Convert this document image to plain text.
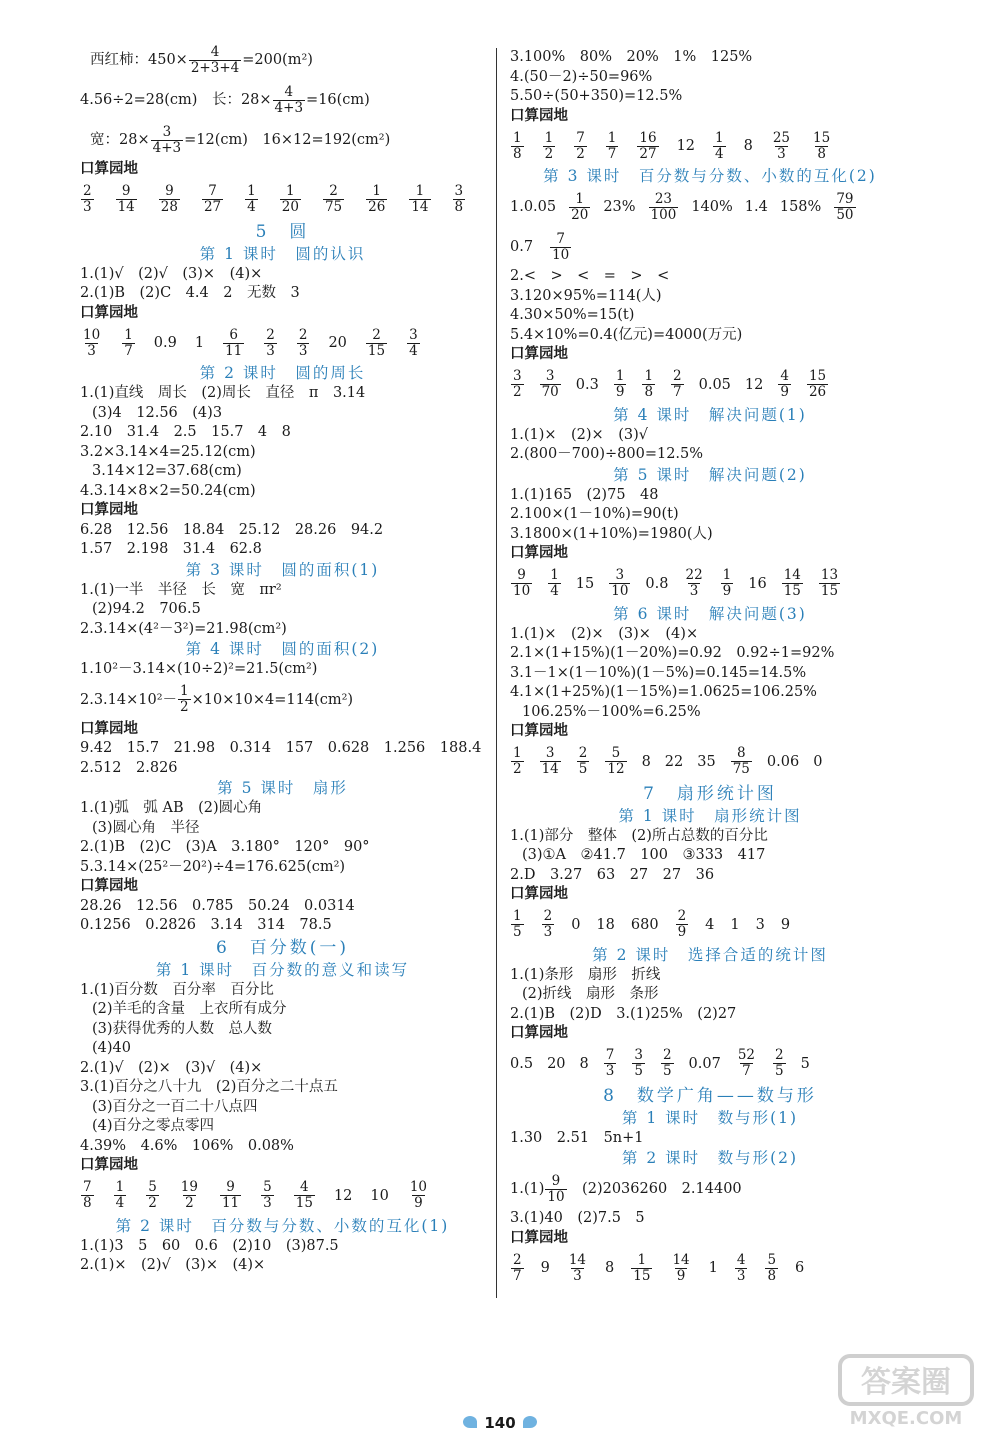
西红柿：$450\times \frac{4}{2+3+4} =200(m^2)$
4.56÷2=28(cm)　长：$28\times \frac{4}{4+3} =16(cm)$
宽：$28\times \frac{3}{4+3} =12(cm)$　16×12=192(cm²)
口算园地
$\frac{2}{3} \frac{9}{14} \frac{9}{28} \frac{7}{27} \frac{1}{4} \frac{1}{20} \frac{2}{75} \frac{1}{26} \frac{1}{14} \frac{3}{8}$
5　圆
第 1 课时　圆的认识
1.(1)√　(2)√　(3)×　(4)×
2.(1)B　(2)C　4.4　2　无数　3
口算园地
$\frac{10}{3} \frac{1}{7} 0.9$ $1 \frac{6}{11} \frac{2}{3} \frac{2}{3} 20 \frac{2}{15} \frac{3}{4}$
第 2 课时　圆的周长
1.(1)直线　周长　(2)周长　直径　π　3.14
(3)4　12.56　(4)3
2.10　31.4　2.5　15.7　4　8
3.2×3.14×4=25.12(cm)
3.14×12=37.68(cm)
4.3.14×8×2=50.24(cm)
口算园地
6.28　12.56　18.84　25.12　28.26　94.2
1.57　2.198　31.4　62.8
第 3 课时　圆的面积(1)
1.(1)一半　半径　长　宽　πr²
(2)94.2　706.5
2.3.14×(4²－3²)=21.98(cm²)
第 4 课时　圆的面积(2)
1.10²－3.14×(10÷2)²=21.5(cm²)
$2.3.14\times 10^2- \frac{1}{2} \times 10\times 10\times 4=114(cm^2)$
口算园地
9.42　15.7　21.98　0.314　157　0.628　1.256　188.4
2.512　2.826
第 5 课时　扇形
1.(1)弧　弧 AB　(2)圆心角
(3)圆心角　半径
2.(1)B　(2)C　(3)A　3.180°　120°　90°
5.3.14×(25²－20²)÷4=176.625(cm²)
口算园地
28.26　12.56　0.785　50.24　0.0314
0.1256　0.2826　3.14　314　78.5
6　百分数(一)
第 1 课时　百分数的意义和读写
1.(1)百分数　百分率　百分比
(2)羊毛的含量　上衣所有成分
(3)获得优秀的人数　总人数
(4)40
2.(1)√　(2)×　(3)√　(4)×
3.(1)百分之八十九　(2)百分之二十点五
(3)百分之一百二十八点四
(4)百分之零点零四
4.39%　4.6%　106%　0.08%
口算园地
$\frac{7}{8} \frac{1}{4} \frac{5}{2} \frac{19}{2} \frac{9}{11} \frac{5}{3} \frac{4}{15} 12$ $10 \frac{10}{9}$
第 2 课时　百分数与分数、小数的互化(1)
1.(1)3　5　60　0.6　(2)10　(3)87.5
2.(1)×　(2)√　(3)×　(4)×
3.100%　80%　20%　1%　125%
4.(50－2)÷50=96%
5.50÷(50+350)=12.5%
口算园地
$\frac{1}{8} \frac{1}{2} \frac{7}{2} \frac{1}{7} \frac{16}{27} 12 \frac{1}{4} 8 \frac{25}{3} \frac{15}{8}$
第 3 课时　百分数与分数、小数的互化(2)
$1.0.05 \frac{1}{20} 23\% \frac{23}{100} 140\%$ 1.4 $158\% \frac{79}{50}$
$0.7 \frac{7}{10}$
2.<　>　<　=　>　<
3.120×95%=114(人)
4.30×50%=15(t)
5.4×10%=0.4(亿元)=4000(万元)
口算园地
$\frac{3}{2} \frac{3}{70} 0.3 \frac{1}{9} \frac{1}{8} \frac{2}{7} 0.05$ $12 \frac{4}{9} \frac{15}{26}$
第 4 课时　解决问题(1)
1.(1)×　(2)×　(3)√
2.(800－700)÷800=12.5%
第 5 课时　解决问题(2)
1.(1)165　(2)75　48
2.100×(1－10%)=90(t)
3.1800×(1+10%)=1980(人)
口算园地
$\frac{9}{10} \frac{1}{4} 15 \frac{3}{10} 0.8 \frac{22}{3} \frac{1}{9} 16 \frac{14}{15} \frac{13}{15}$
第 6 课时　解决问题(3)
1.(1)×　(2)×　(3)×　(4)×
2.1×(1+15%)(1－20%)=0.92　0.92÷1=92%
3.1－1×(1－10%)(1－5%)=0.145=14.5%
4.1×(1+25%)(1－15%)=1.0625=106.25%
106.25%－100%=6.25%
口算园地
$\frac{1}{2} \frac{3}{14} \frac{2}{5} \frac{5}{12} 8$ 22 $35 \frac{8}{75} 0.06$ 0
7　扇形统计图
第 1 课时　扇形统计图
1.(1)部分　整体　(2)所占总数的百分比
(3)①A　②41.7　100　③333　417
2.D　3.27　63　27　27　36
口算园地
$\frac{1}{5} \frac{2}{3} 0$ 18 $680 \frac{2}{9} 4$ 1 3 9
第 2 课时　选择合适的统计图
1.(1)条形　扇形　折线
(2)折线　扇形　条形
2.(1)B　(2)D　3.(1)25%　(2)27
口算园地
0.5 20 $8 \frac{7}{3} \frac{3}{5} \frac{2}{5} 0.07 \frac{52}{7} \frac{2}{5} 5$
8　数学广角——数与形
第 1 课时　数与形(1)
1.30　2.51　5n+1
第 2 课时　数与形(2)
$1.(1) \frac{9}{10}$ 　(2)2036260　2.14400
3.(1)40　(2)7.5　5
口算园地
$\frac{2}{7} 9 \frac{14}{3} 8 \frac{1}{15} \frac{14}{9} 1 \frac{4}{3} \frac{5}{8} 6$
140
答案圈
MXQE.COM
